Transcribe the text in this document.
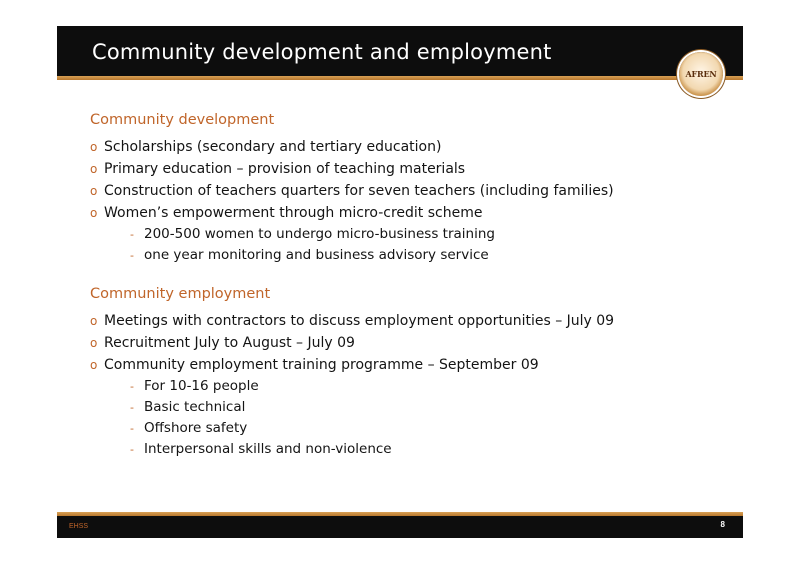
Community development and employment
AFREN
Community development
o Scholarships (secondary and tertiary education)
o Primary education – provision of teaching materials
o Construction of teachers quarters for seven teachers (including families)
o Women’s empowerment through micro-credit scheme
- 200-500 women to undergo micro-business training
- one year monitoring and business advisory service
Community employment
o Meetings with contractors to discuss employment opportunities – July 09
o Recruitment July to August – July 09
o Community employment training programme – September 09
- For 10-16 people
- Basic technical
- Offshore safety
- Interpersonal skills and non-violence
EHSS	8
